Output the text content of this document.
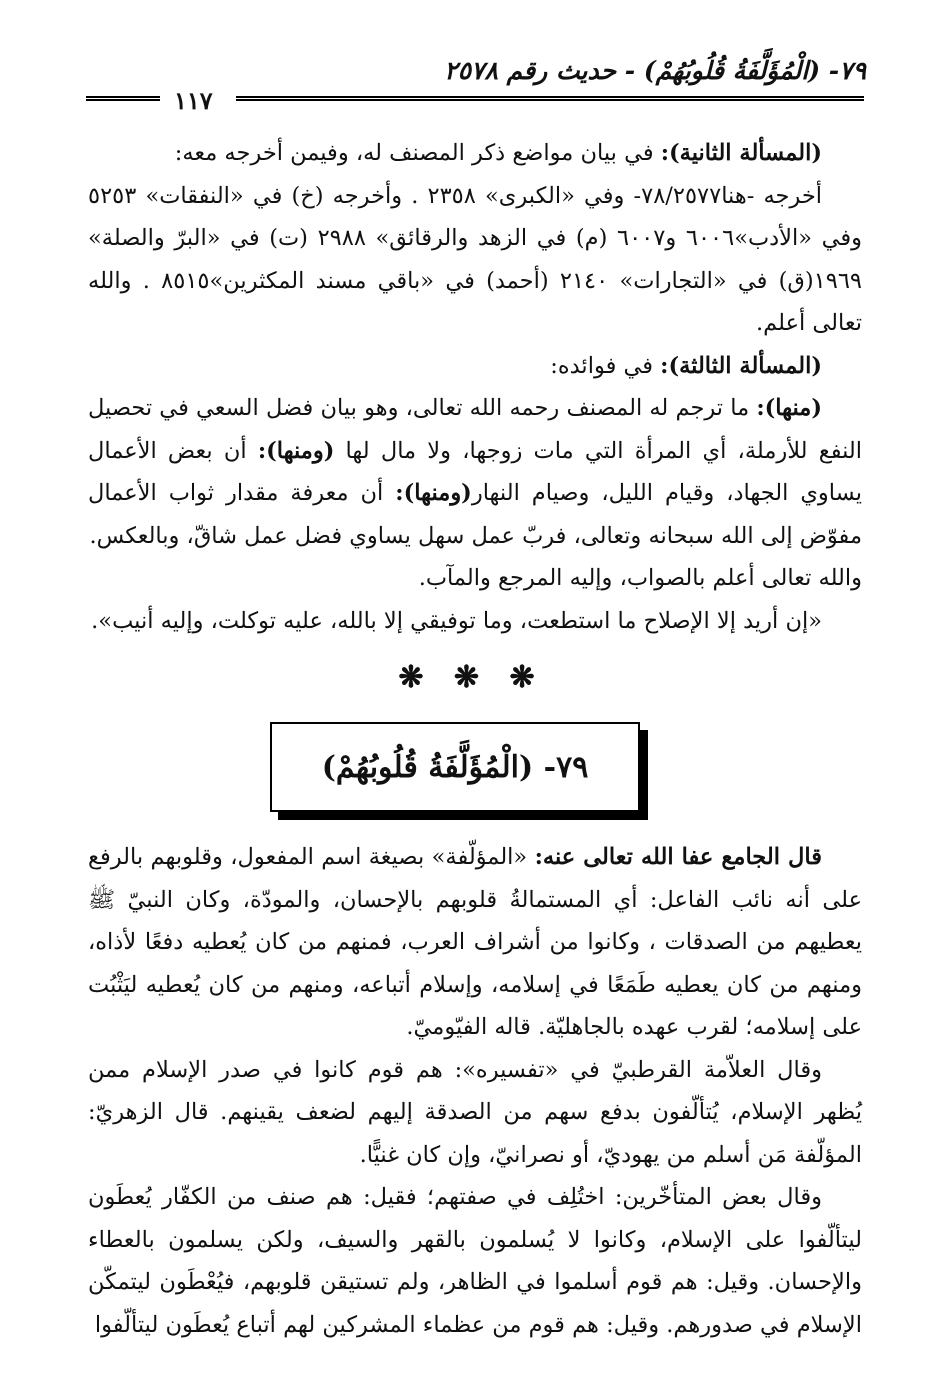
٧٩- (الْمُؤَلَّفَةُ قُلُوبُهُمْ) - حديث رقم ٢٥٧٨
١١٧

(المسألة الثانية): في بيان مواضع ذكر المصنف له، وفيمن أخرجه معه:

أخرجه -هنا٧٨/٢٥٧٧- وفي «الكبرى» ٢٣٥٨ . وأخرجه (خ) في «النفقات» ٥٢٥٣ وفي «الأدب»٦٠٠٦ و٦٠٠٧ (م) في الزهد والرقائق» ٢٩٨٨ (ت) في «البرّ والصلة» ١٩٦٩(ق) في «التجارات» ٢١٤٠ (أحمد) في «باقي مسند المكثرين»٨٥١٥ . والله تعالى أعلم.

(المسألة الثالثة): في فوائده:

(منها): ما ترجم له المصنف رحمه الله تعالى، وهو بيان فضل السعي في تحصيل النفع للأرملة، أي المرأة التي مات زوجها، ولا مال لها (ومنها): أن بعض الأعمال يساوي الجهاد، وقيام الليل، وصيام النهار(ومنها): أن معرفة مقدار ثواب الأعمال مفوّض إلى الله سبحانه وتعالى، فربّ عمل سهل يساوي فضل عمل شاقّ، وبالعكس.

والله تعالى أعلم بالصواب، وإليه المرجع والمآب.

«إن أريد إلا الإصلاح ما استطعت، وما توفيقي إلا بالله، عليه توكلت، وإليه أنيب».

❋ ❋ ❋
٧٩- (الْمُؤَلَّفَةُ قُلُوبُهُمْ)

قال الجامع عفا الله تعالى عنه: «المؤلّفة» بصيغة اسم المفعول، وقلوبهم بالرفع على أنه نائب الفاعل: أي المستمالةُ قلوبهم بالإحسان، والمودّة، وكان النبيّ ﷺ يعطيهم من الصدقات ، وكانوا من أشراف العرب، فمنهم من كان يُعطيه دفعًا لأذاه، ومنهم من كان يعطيه طَمَعًا في إسلامه، وإسلام أتباعه، ومنهم من كان يُعطيه ليَثْبُت على إسلامه؛ لقرب عهده بالجاهليّة. قاله الفيّوميّ.

وقال العلاّمة القرطبيّ في «تفسيره»: هم قوم كانوا في صدر الإسلام ممن يُظهر الإسلام، يُتألّفون بدفع سهم من الصدقة إليهم لضعف يقينهم. قال الزهريّ: المؤلّفة مَن أسلم من يهوديّ، أو نصرانيّ، وإن كان غنيًّا.

وقال بعض المتأخّرين: اختُلِف في صفتهم؛ فقيل: هم صنف من الكفّار يُعطَون ليتألّفوا على الإسلام، وكانوا لا يُسلمون بالقهر والسيف، ولكن يسلمون بالعطاء والإحسان. وقيل: هم قوم أسلموا في الظاهر، ولم تستيقن قلوبهم، فيُعْطَون ليتمكّن الإسلام في صدورهم. وقيل: هم قوم من عظماء المشركين لهم أتباع يُعطَون ليتألّفوا
